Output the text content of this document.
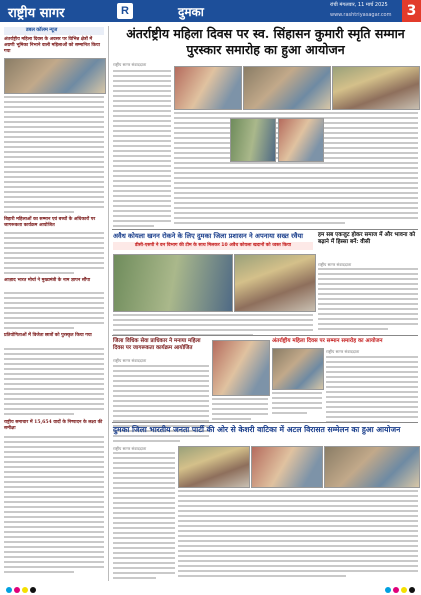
राष्ट्रीय सागर	R	दुमका	रांची मंगलवार, 11 मार्च 2025
www.rashtriyasagar.com	3
डबल कॉलम न्यूज
अंतर्राष्ट्रीय महिला दिवस के अवसर पर विभिन्न क्षेत्रों में अग्रणी भूमिका निभाने वाली महिलाओं को सम्मानित किया गया
बिहारी महिलाओं का सम्मान एवं बच्चों के अधिकारों पर जागरूकता कार्यक्रम आयोजित
आज़ाद भारत मोर्चा ने मुख्यमंत्री के नाम ज्ञापन सौंपा
प्रतियोगिताओं में विजेता छात्रों को पुरस्कृत किया गया
राष्ट्रीय समाचार में 15,654 वादों के निष्पादन के लक्ष्य की समीक्षा
अंतर्राष्ट्रीय महिला दिवस पर स्व. सिंहासन कुमारी स्मृति सम्मान पुरस्कार समारोह का हुआ आयोजन
राष्ट्रीय सागर संवाददाता
अवैध कोयला खनन रोकने के लिए दुमका जिला प्रशासन ने अपनाया सख्त रवैया
डीसी-एसपी ने वन विभाग की टीम के साथ मिलकर 10 अवैध कोयला खदानों को ध्वस्त किया
हम सब एकजुट होकर समाज में और भावना को बढ़ाने में हिस्सा बनें: वीसी
राष्ट्रीय सागर संवाददाता
जिला विधिक सेवा प्राधिकार ने मनाया महिला दिवस पर जागरूकता कार्यक्रम आयोजित
राष्ट्रीय सागर संवाददाता
अंतर्राष्ट्रीय महिला दिवस पर सम्मान समारोह का आयोजन
राष्ट्रीय सागर संवाददाता
दुमका जिला भारतीय जनता पार्टी की ओर से केशरी वाटिका में अटल विरासत सम्मेलन का हुआ आयोजन
राष्ट्रीय सागर संवाददाता
